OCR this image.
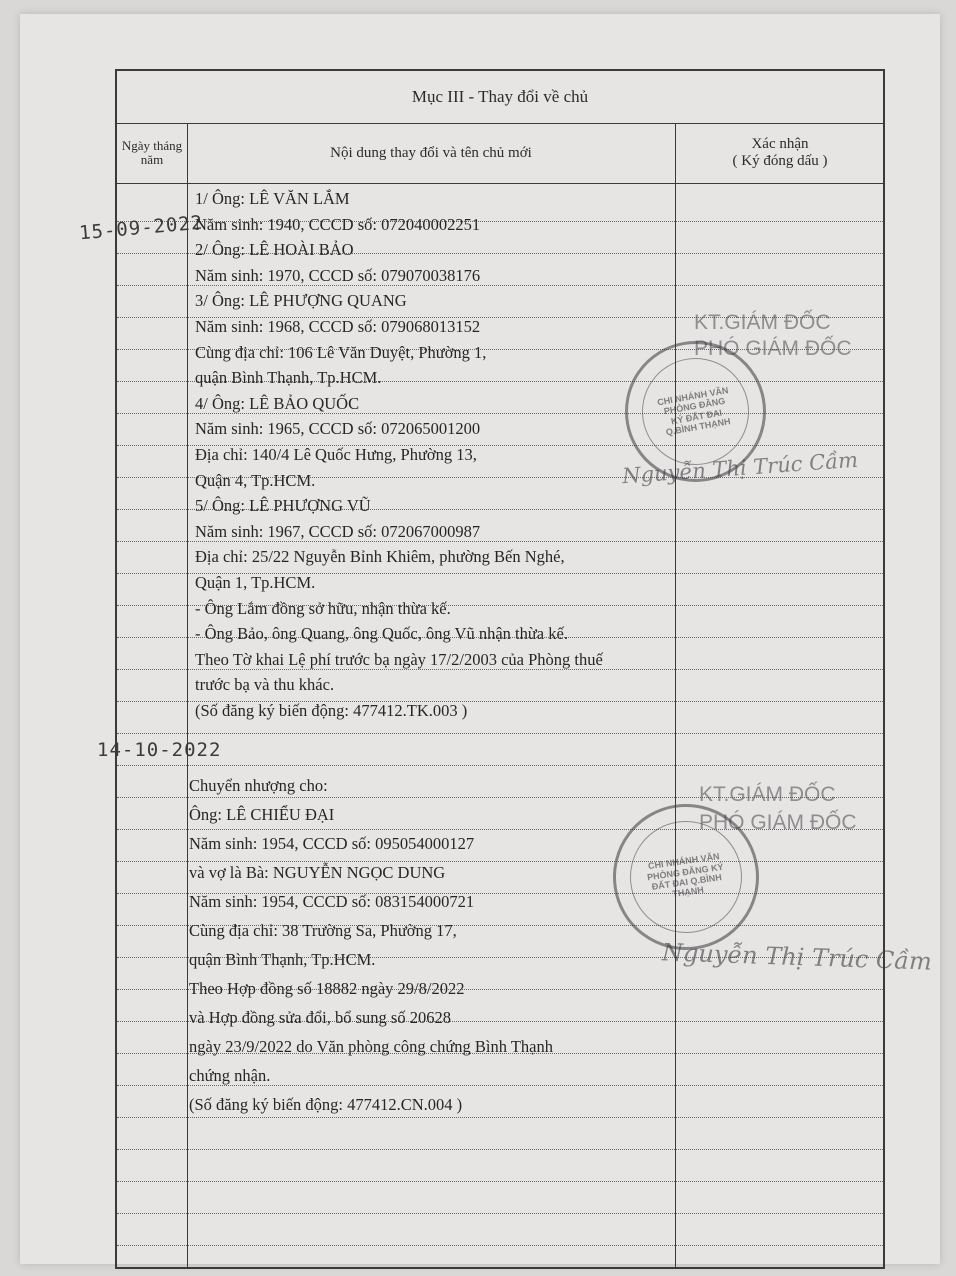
Mục III - Thay đổi về chủ
Ngày tháng năm	Nội dung thay đổi và tên chủ mới
Xác nhận
( Ký đóng dấu )
15-09-2022
1/ Ông: LÊ VĂN LẮM
Năm sinh: 1940, CCCD số: 072040002251
2/ Ông: LÊ HOÀI BẢO
Năm sinh: 1970, CCCD số: 079070038176
3/ Ông: LÊ PHƯỢNG QUANG
Năm sinh: 1968, CCCD số: 079068013152
Cùng địa chỉ: 106 Lê Văn Duyệt, Phường 1,
quận Bình Thạnh, Tp.HCM.
4/ Ông: LÊ BẢO QUỐC
Năm sinh: 1965, CCCD số: 072065001200
Địa chỉ: 140/4 Lê Quốc Hưng, Phường 13,
Quận 4, Tp.HCM.
5/ Ông: LÊ PHƯỢNG VŨ
Năm sinh: 1967, CCCD số: 072067000987
Địa chỉ: 25/22 Nguyễn Bỉnh Khiêm, phường Bến Nghé,
Quận 1, Tp.HCM.
- Ông Lắm đồng sở hữu, nhận thừa kế.
- Ông Bảo, ông Quang, ông Quốc, ông Vũ nhận thừa kế.
Theo Tờ khai Lệ phí trước bạ ngày 17/2/2003 của Phòng thuế
trước bạ và thu khác.
(Số đăng ký biến động: 477412.TK.003 )
14-10-2022
Chuyển nhượng cho:
Ông: LÊ CHIỂU ĐẠI
Năm sinh: 1954, CCCD số: 095054000127
và vợ là Bà: NGUYỄN NGỌC DUNG
Năm sinh: 1954, CCCD số: 083154000721
Cùng địa chỉ: 38 Trường Sa, Phường 17,
quận Bình Thạnh, Tp.HCM.
Theo Hợp đồng số 18882 ngày 29/8/2022
và Hợp đồng sửa đổi, bổ sung số 20628
ngày 23/9/2022 do Văn phòng công chứng Bình Thạnh
chứng nhận.
(Số đăng ký biến động: 477412.CN.004 )
KT.GIÁM ĐỐC
PHÓ GIÁM ĐỐC
CHI NHÁNH VĂN PHÒNG ĐĂNG KÝ ĐẤT ĐAI Q.BÌNH THẠNH
Nguyễn Thị Trúc Cầm
KT.GIÁM ĐỐC
PHÓ GIÁM ĐỐC
CHI NHÁNH VĂN PHÒNG ĐĂNG KÝ ĐẤT ĐAI Q.BÌNH THẠNH
Nguyễn Thị Trúc Cầm
